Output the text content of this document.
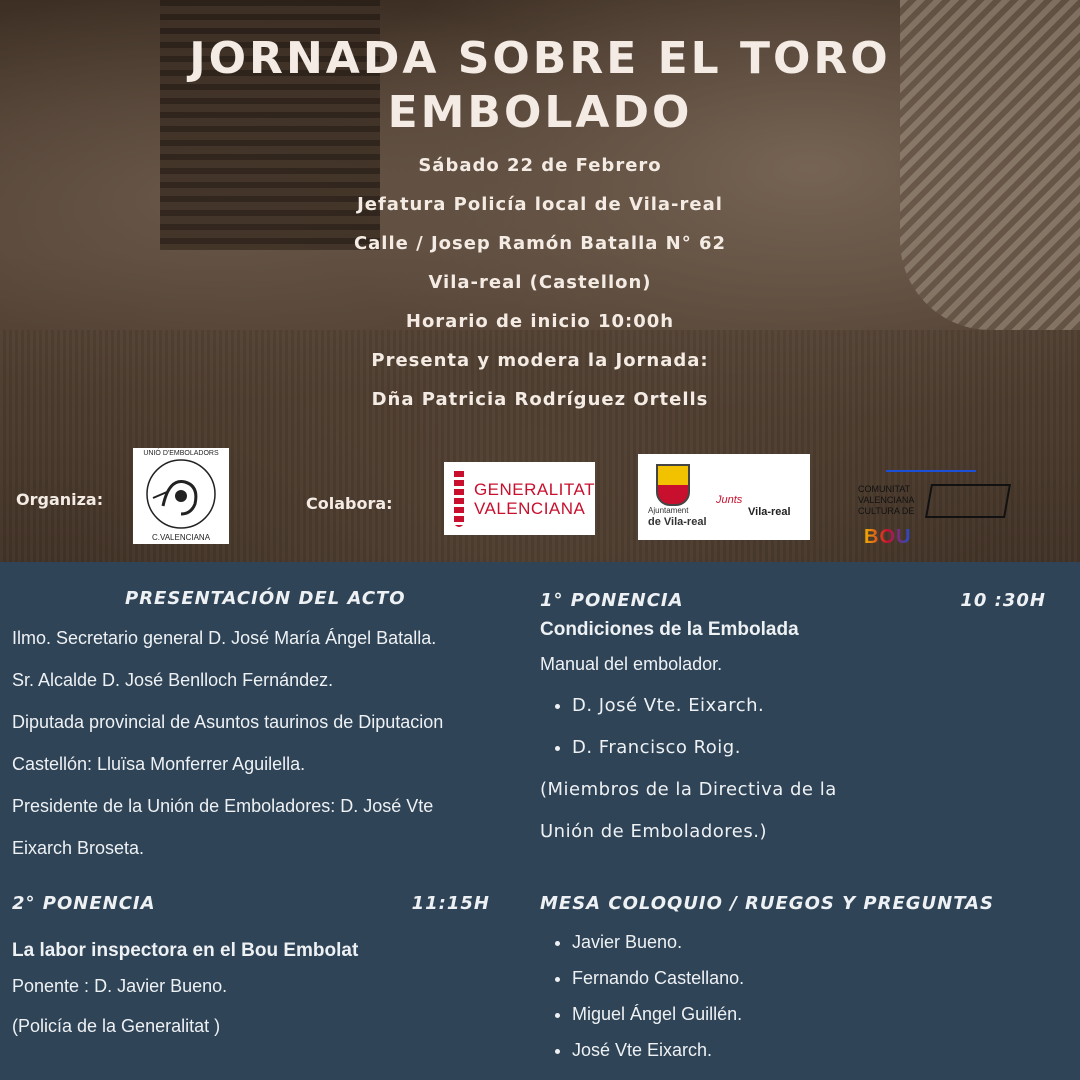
JORNADA SOBRE EL TORO
EMBOLADO
Sábado 22 de Febrero
Jefatura Policía local de Vila-real
Calle / Josep Ramón Batalla N° 62
Vila-real (Castellon)
Horario de inicio 10:00h
Presenta y modera la Jornada:
Dña Patricia Rodríguez Ortells
Organiza:	Colabora:
UNIÓ D'EMBOLADORS
C.VALENCIANA
GENERALITAT
VALENCIANA	Ajuntament
de Vila-real
Junts
Vila-real
COMUNITAT
VALENCIANA
CULTURA DE
BOU
PRESENTACIÓN DEL ACTO
Ilmo. Secretario general D. José María Ángel Batalla.
Sr. Alcalde D. José Benlloch Fernández.
Diputada provincial de Asuntos taurinos de Diputacion
Castellón: Lluïsa Monferrer Aguilella.
Presidente de la Unión de Emboladores: D. José Vte
Eixarch Broseta.
2° PONENCIA	11:15H
La labor inspectora en el Bou Embolat
Ponente : D. Javier Bueno.
(Policía de la Generalitat )
1° PONENCIA	10 :30H
Condiciones de la Embolada
Manual del embolador.
• D. José Vte. Eixarch.
• D. Francisco Roig.
(Miembros de la Directiva de la
Unión de Emboladores.)
MESA COLOQUIO / RUEGOS Y PREGUNTAS
• Javier Bueno.
• Fernando Castellano.
• Miguel Ángel Guillén.
• José Vte Eixarch.
